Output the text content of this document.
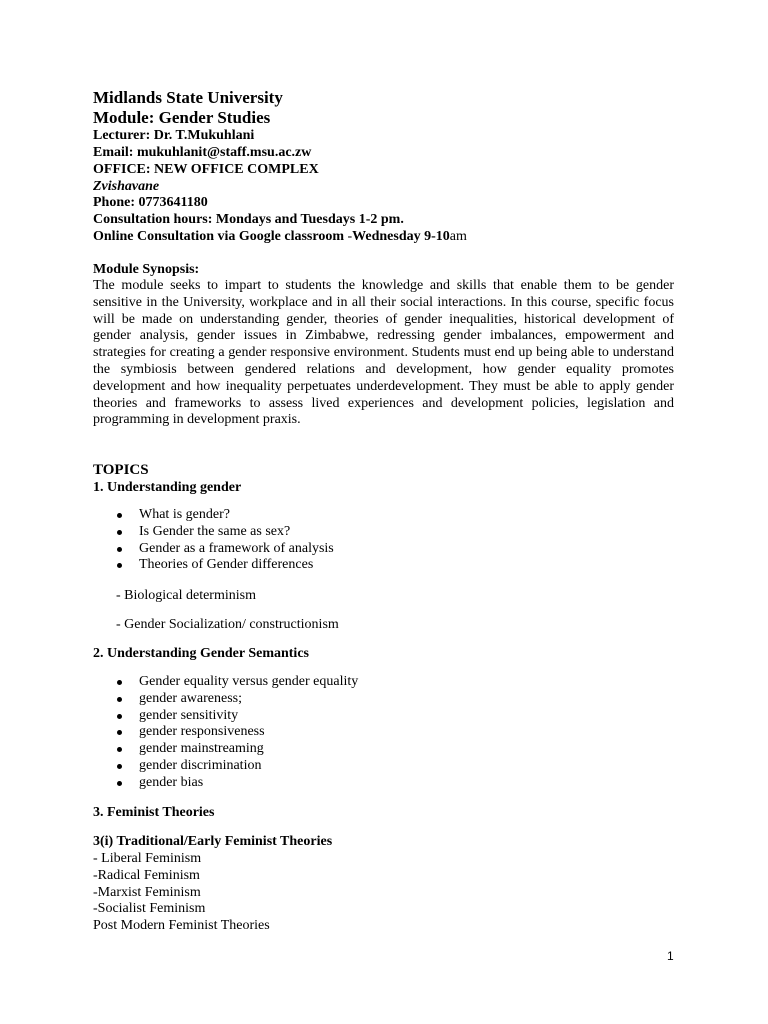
Midlands State University

Module: Gender Studies

Lecturer: Dr. T.Mukuhlani

Email: mukuhlanit@staff.msu.ac.zw

OFFICE: NEW OFFICE COMPLEX

Zvishavane

Phone: 0773641180

Consultation hours: Mondays and Tuesdays 1-2 pm.

Online Consultation via Google classroom -Wednesday 9-10am

Module Synopsis:

The module seeks to impart to students the knowledge and skills that enable them to be gender sensitive in the University, workplace and in all their social interactions. In this course, specific focus will be made on understanding gender, theories of gender inequalities, historical development of gender analysis, gender issues in Zimbabwe, redressing gender imbalances, empowerment and strategies for creating a gender responsive environment. Students must end up being able to understand the symbiosis between gendered relations and development, how gender equality promotes development and how inequality perpetuates underdevelopment. They must be able to apply gender theories and frameworks to assess lived experiences and development policies, legislation and programming in development praxis.

TOPICS

1. Understanding gender

What is gender?
Is Gender the same as sex?
Gender as a framework of analysis
Theories of Gender differences

- Biological determinism

- Gender Socialization/ constructionism

2. Understanding Gender Semantics

Gender equality versus gender equality
gender awareness;
gender sensitivity
gender responsiveness
gender mainstreaming
gender discrimination
gender bias

3. Feminist Theories

3(i) Traditional/Early Feminist Theories

- Liberal Feminism

-Radical Feminism

-Marxist Feminism

-Socialist Feminism

Post Modern Feminist Theories

1
